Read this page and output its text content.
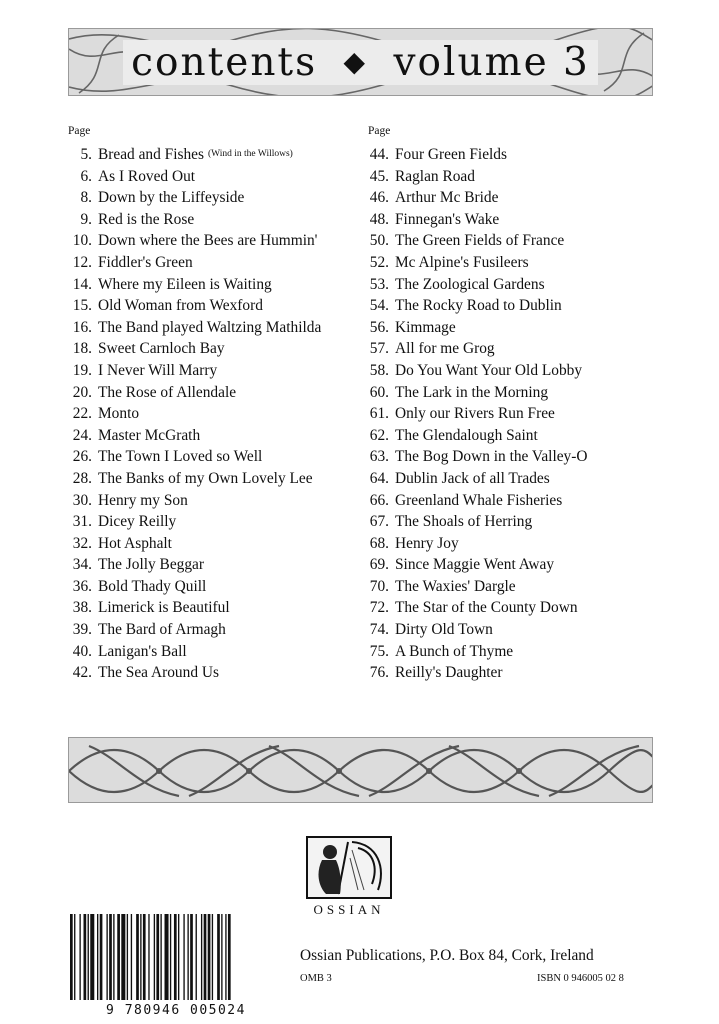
contents ◆ volume 3
Page
5. Bread and Fishes (Wind in the Willows)
6. As I Roved Out
8. Down by the Liffeyside
9. Red is the Rose
10. Down where the Bees are Hummin'
12. Fiddler's Green
14. Where my Eileen is Waiting
15. Old Woman from Wexford
16. The Band played Waltzing Mathilda
18. Sweet Carnloch Bay
19. I Never Will Marry
20. The Rose of Allendale
22. Monto
24. Master McGrath
26. The Town I Loved so Well
28. The Banks of my Own Lovely Lee
30. Henry my Son
31. Dicey Reilly
32. Hot Asphalt
34. The Jolly Beggar
36. Bold Thady Quill
38. Limerick is Beautiful
39. The Bard of Armagh
40. Lanigan's Ball
42. The Sea Around Us
Page
44. Four Green Fields
45. Raglan Road
46. Arthur Mc Bride
48. Finnegan's Wake
50. The Green Fields of France
52. Mc Alpine's Fusileers
53. The Zoological Gardens
54. The Rocky Road to Dublin
56. Kimmage
57. All for me Grog
58. Do You Want Your Old Lobby
60. The Lark in the Morning
61. Only our Rivers Run Free
62. The Glendalough Saint
63. The Bog Down in the Valley-O
64. Dublin Jack of all Trades
66. Greenland Whale Fisheries
67. The Shoals of Herring
68. Henry Joy
69. Since Maggie Went Away
70. The Waxies' Dargle
72. The Star of the County Down
74. Dirty Old Town
75. A Bunch of Thyme
76. Reilly's Daughter
OSSIAN
9 780946 005024
Ossian Publications, P.O. Box 84, Cork, Ireland
OMB 3	ISBN 0 946005 02 8
